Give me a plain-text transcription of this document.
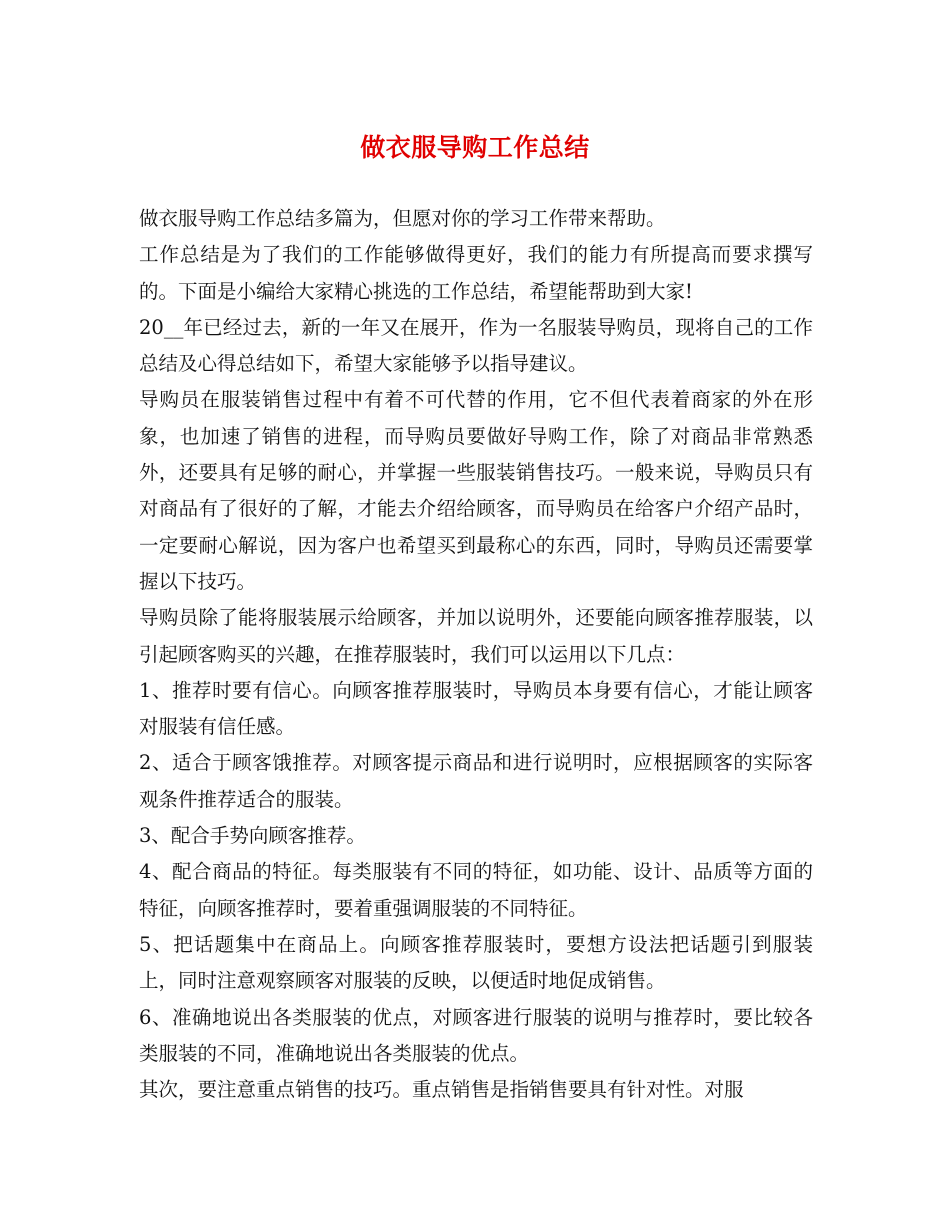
做衣服导购工作总结

做衣服导购工作总结多篇为，但愿对你的学习工作带来帮助。

工作总结是为了我们的工作能够做得更好，我们的能力有所提高而要求撰写的。下面是小编给大家精心挑选的工作总结，希望能帮助到大家!

20__年已经过去，新的一年又在展开，作为一名服装导购员，现将自己的工作总结及心得总结如下，希望大家能够予以指导建议。

导购员在服装销售过程中有着不可代替的作用，它不但代表着商家的外在形象，也加速了销售的进程，而导购员要做好导购工作，除了对商品非常熟悉外，还要具有足够的耐心，并掌握一些服装销售技巧。一般来说，导购员只有对商品有了很好的了解，才能去介绍给顾客，而导购员在给客户介绍产品时，一定要耐心解说，因为客户也希望买到最称心的东西，同时，导购员还需要掌握以下技巧。

导购员除了能将服装展示给顾客，并加以说明外，还要能向顾客推荐服装，以引起顾客购买的兴趣，在推荐服装时，我们可以运用以下几点：

1、推荐时要有信心。向顾客推荐服装时，导购员本身要有信心，才能让顾客对服装有信任感。

2、适合于顾客饿推荐。对顾客提示商品和进行说明时，应根据顾客的实际客观条件推荐适合的服装。

3、配合手势向顾客推荐。

4、配合商品的特征。每类服装有不同的特征，如功能、设计、品质等方面的特征，向顾客推荐时，要着重强调服装的不同特征。

5、把话题集中在商品上。向顾客推荐服装时，要想方设法把话题引到服装上，同时注意观察顾客对服装的反映，以便适时地促成销售。

6、准确地说出各类服装的优点，对顾客进行服装的说明与推荐时，要比较各类服装的不同，准确地说出各类服装的优点。

其次，要注意重点销售的技巧。重点销售是指销售要具有针对性。对服
